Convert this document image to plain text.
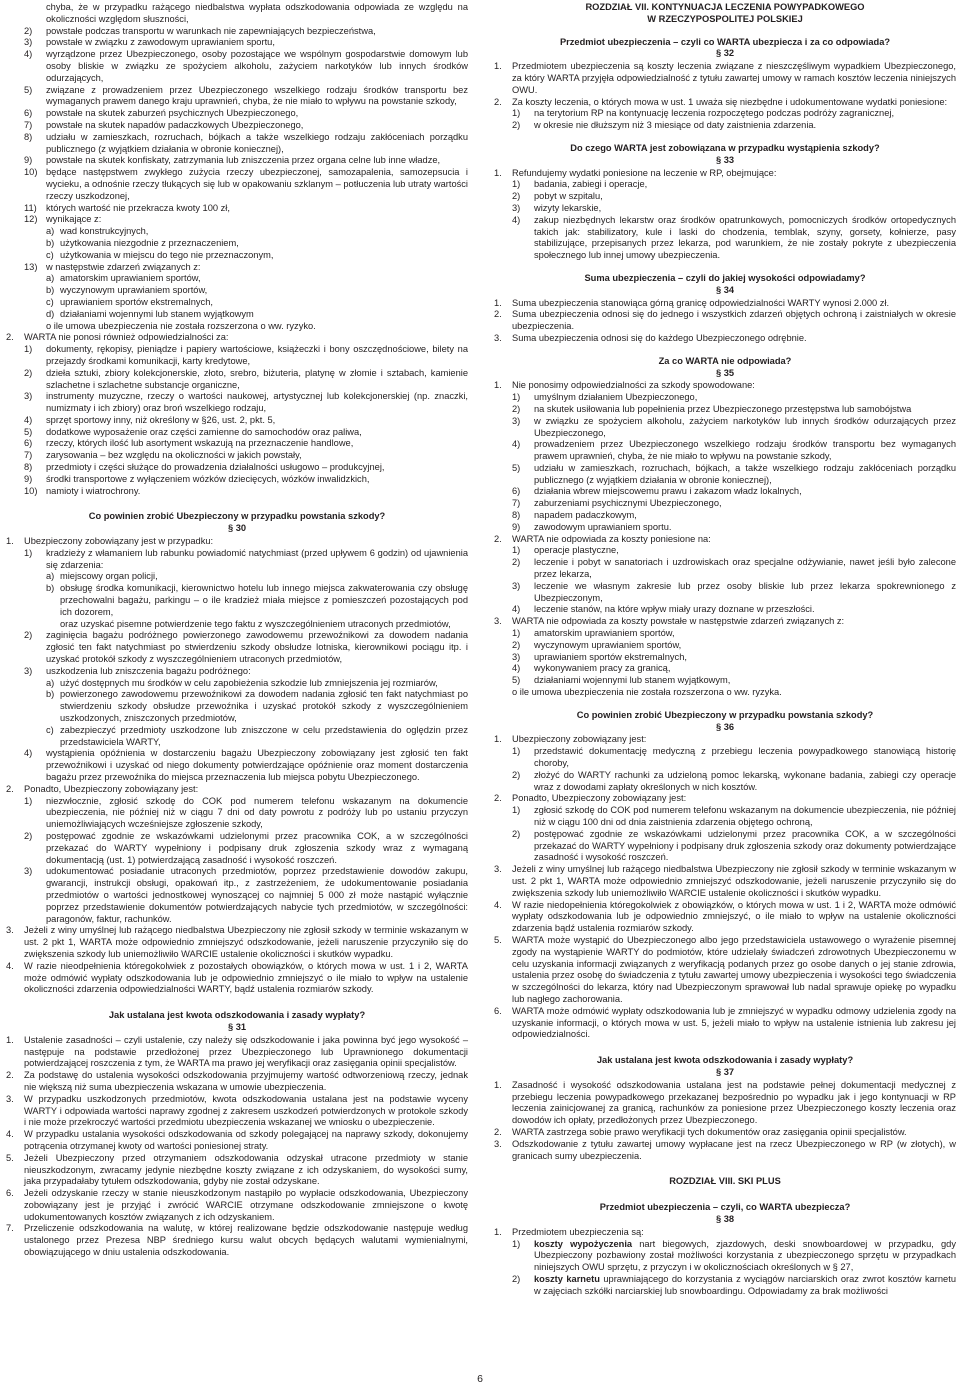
chyba, że w przypadku rażącego niedbalstwa wypłata odszkodowania odpowiada ze względu na okoliczności względom słuszności,
2) powstałe podczas transportu w warunkach nie zapewniających bezpieczeństwa,
3) powstałe w związku z zawodowym uprawianiem sportu,
4) wyrządzone przez Ubezpieczonego, osoby pozostające we wspólnym gospodarstwie domowym lub osoby bliskie w związku ze spożyciem alkoholu, zażyciem narkotyków lub innych środków odurzających,
5) związane z prowadzeniem przez Ubezpieczonego wszelkiego rodzaju środków transportu bez wymaganych prawem danego kraju uprawnień, chyba, że nie miało to wpływu na powstanie szkody,
6) powstałe na skutek zaburzeń psychicznych Ubezpieczonego,
7) powstałe na skutek napadów padaczkowych Ubezpieczonego,
8) udziału w zamieszkach, rozruchach, bójkach a także wszelkiego rodzaju zakłóceniach porządku publicznego (z wyjątkiem działania w obronie koniecznej),
9) powstałe na skutek konfiskaty, zatrzymania lub zniszczenia przez organa celne lub inne władze,
10) będące następstwem zwykłego zużycia rzeczy ubezpieczonej, samozapalenia, samozepsucia i wycieku, a odnośnie rzeczy tłukących się lub w opakowaniu szklanym – potłuczenia lub utraty wartości rzeczy uszkodzonej,
11) których wartość nie przekracza kwoty 100 zł,
12) wynikające z:
a) wad konstrukcyjnych,
b) użytkowania niezgodnie z przeznaczeniem,
c) użytkowania w miejscu do tego nie przeznaczonym,
13) w następstwie zdarzeń związanych z:
a) amatorskim uprawianiem sportów,
b) wyczynowym uprawianiem sportów,
c) uprawianiem sportów ekstremalnych,
d) działaniami wojennymi lub stanem wyjątkowym
o ile umowa ubezpieczenia nie została rozszerzona o ww. ryzyko.
2. WARTA nie ponosi również odpowiedzialności za:
1) dokumenty, rękopisy, pieniądze i papiery wartościowe, książeczki i bony oszczędnościowe, bilety na przejazdy środkami komunikacji, karty kredytowe,
2) dzieła sztuki, zbiory kolekcjonerskie, złoto, srebro, biżuteria, platynę w złomie i sztabach, kamienie szlachetne i szlachetne substancje organiczne,
3) instrumenty muzyczne, rzeczy o wartości naukowej, artystycznej lub kolekcjonerskiej (np. znaczki, numizmaty i ich zbiory) oraz broń wszelkiego rodzaju,
4) sprzęt sportowy inny, niż określony w §26, ust. 2, pkt. 5,
5) dodatkowe wyposażenie oraz części zamienne do samochodów oraz paliwa,
6) rzeczy, których ilość lub asortyment wskazują na przeznaczenie handlowe,
7) zarysowania – bez względu na okoliczności w jakich powstały,
8) przedmioty i części służące do prowadzenia działalności usługowo – produkcyjnej,
9) środki transportowe z wyłączeniem wózków dziecięcych, wózków inwalidzkich,
10) namioty i wiatrochrony.
Co powinien zrobić Ubezpieczony w przypadku powstania szkody?
§ 30
1. Ubezpieczony zobowiązany jest w przypadku:
1) kradzieży z włamaniem lub rabunku powiadomić natychmiast (przed upływem 6 godzin) od ujawnienia się zdarzenia:
a) miejscowy organ policji,
b) obsługę środka komunikacji, kierownictwo hotelu lub innego miejsca zakwaterowania czy obsługę przechowalni bagażu, parkingu – o ile kradzież miała miejsce z pomieszczeń pozostających pod ich dozorem,
oraz uzyskać pisemne potwierdzenie tego faktu z wyszczególnieniem utraconych przedmiotów,
2) zaginięcia bagażu podróżnego powierzonego zawodowemu przewoźnikowi za dowodem nadania zgłosić ten fakt natychmiast po stwierdzeniu szkody obsłudze lotniska, kierownikowi pociągu itp. i uzyskać protokół szkody z wyszczególnieniem utraconych przedmiotów,
3) uszkodzenia lub zniszczenia bagażu podróżnego:
a) użyć dostępnych mu środków w celu zapobieżenia szkodzie lub zmniejszenia jej rozmiarów,
b) powierzonego zawodowemu przewoźnikowi za dowodem nadania zgłosić ten fakt natychmiast po stwierdzeniu szkody obsłudze przewoźnika i uzyskać protokół szkody z wyszczególnieniem uszkodzonych, zniszczonych przedmiotów,
c) zabezpieczyć przedmioty uszkodzone lub zniszczone w celu przedstawienia do oględzin przez przedstawiciela WARTY,
4) wystąpienia opóźnienia w dostarczeniu bagażu Ubezpieczony zobowiązany jest zgłosić ten fakt przewoźnikowi i uzyskać od niego dokumenty potwierdzające opóźnienie oraz moment dostarczenia bagażu przez przewoźnika do miejsca przeznaczenia lub miejsca pobytu Ubezpieczonego.
2. Ponadto, Ubezpieczony zobowiązany jest:
1) niezwłocznie, zgłosić szkodę do COK pod numerem telefonu wskazanym na dokumencie ubezpieczenia, nie później niż w ciągu 7 dni od daty powrotu z podróży lub po ustaniu przyczyn uniemożliwiających wcześniejsze zgłoszenie szkody,
2) postępować zgodnie ze wskazówkami udzielonymi przez pracownika COK, a w szczególności przekazać do WARTY wypełniony i podpisany druk zgłoszenia szkody wraz z wymaganą dokumentacją (ust. 1) potwierdzającą zasadność i wysokość roszczeń.
3) udokumentować posiadanie utraconych przedmiotów, poprzez przedstawienie dowodów zakupu, gwarancji, instrukcji obsługi, opakowań itp., z zastrzeżeniem, że udokumentowanie posiadania przedmiotów o wartości jednostkowej wynoszącej co najmniej 5 000 zł może nastąpić wyłącznie poprzez przedstawienie dokumentów potwierdzających nabycie tych przedmiotów, w szczególności: paragonów, faktur, rachunków.
3. Jeżeli z winy umyślnej lub rażącego niedbalstwa Ubezpieczony nie zgłosił szkody w terminie wskazanym w ust. 2 pkt 1, WARTA może odpowiednio zmniejszyć odszkodowanie, jeżeli naruszenie przyczyniło się do zwiększenia szkody lub uniemożliwiło WARCIE ustalenie okoliczności i skutków wypadku.
4. W razie nieodpełnienia któregokolwiek z pozostałych obowiązków, o których mowa w ust. 1 i 2, WARTA może odmówić wypłaty odszkodowania lub je odpowiednio zmniejszyć o ile miało to wpływ na ustalenie okoliczności zdarzenia odpowiedzialności WARTY, bądź ustalenia rozmiarów szkody.
Jak ustalana jest kwota odszkodowania i zasady wypłaty?
§ 31
1. Ustalenie zasadności – czyli ustalenie, czy należy się odszkodowanie i jaka powinna być jego wysokość – następuje na podstawie przedłożonej przez Ubezpieczonego lub Uprawnionego dokumentacji potwierdzającej roszczenia z tym, że WARTA ma prawo jej weryfikacji oraz zasięgania opinii specjalistów.
2. Za podstawę do ustalenia wysokości odszkodowania przyjmujemy wartość odtworzeniową rzeczy, jednak nie większą niż suma ubezpieczenia wskazana w umowie ubezpieczenia.
3. W przypadku uszkodzonych przedmiotów, kwota odszkodowania ustalana jest na podstawie wyceny WARTY i odpowiada wartości naprawy zgodnej z zakresem uszkodzeń potwierdzonych w protokole szkody i nie może przekroczyć wartości przedmiotu ubezpieczenia wskazanej we wniosku o ubezpieczenie.
4. W przypadku ustalania wysokości odszkodowania od szkody polegającej na naprawy szkody, dokonujemy potrącenia otrzymanej kwoty od wartości poniesionej straty.
5. Jeżeli Ubezpieczony przed otrzymaniem odszkodowania odzyskał utracone przedmioty w stanie nieuszkodzonym, zwracamy jedynie niezbędne koszty związane z ich odzyskaniem, do wysokości sumy, jaka przypadałaby tytułem odszkodowania, gdyby nie został odzyskane.
6. Jeżeli odzyskanie rzeczy w stanie nieuszkodzonym nastąpiło po wypłacie odszkodowania, Ubezpieczony zobowiązany jest je przyjąć i zwrócić WARCIE otrzymane odszkodowanie zmniejszone o kwotę udokumentowanych kosztów związanych z ich odzyskaniem.
7. Przeliczenie odszkodowania na walutę, w której realizowane będzie odszkodowanie następuje według ustalonego przez Prezesa NBP średniego kursu walut obcych będących walutami wymienialnymi, obowiązującego w dniu ustalenia odszkodowania.
ROZDZIAŁ VII. KONTYNUACJA LECZENIA POWYPADKOWEGO
W RZECZYPOSPOLITEJ POLSKIEJ
Przedmiot ubezpieczenia – czyli co WARTA ubezpiecza i za co odpowiada?
§ 32
1. Przedmiotem ubezpieczenia są koszty leczenia związane z nieszczęśliwym wypadkiem Ubezpieczonego, za który WARTA przyjęła odpowiedzialność z tytułu zawartej umowy w ramach kosztów leczenia niniejszych OWU.
2. Za koszty leczenia, o których mowa w ust. 1 uważa się niezbędne i udokumentowane wydatki poniesione:
1) na terytorium RP na kontynuację leczenia rozpoczętego podczas podróży zagranicznej,
2) w okresie nie dłuższym niż 3 miesiące od daty zaistnienia zdarzenia.
Do czego WARTA jest zobowiązana w przypadku wystąpienia szkody?
§ 33
1. Refundujemy wydatki poniesione na leczenie w RP, obejmujące:
1) badania, zabiegi i operacje,
2) pobyt w szpitalu,
3) wizyty lekarskie,
4) zakup niezbędnych lekarstw oraz środków opatrunkowych, pomocniczych środków ortopedycznych takich jak: stabilizatory, kule i laski do chodzenia, temblak, szyny, gorsety, kołnierze, pasy stabilizujące, przepisanych przez lekarza, pod warunkiem, że nie zostały pokryte z ubezpieczenia społecznego lub innej umowy ubezpieczenia.
Suma ubezpieczenia – czyli do jakiej wysokości odpowiadamy?
§ 34
1. Suma ubezpieczenia stanowiąca górną granicę odpowiedzialności WARTY wynosi 2.000 zł.
2. Suma ubezpieczenia odnosi się do jednego i wszystkich zdarzeń objętych ochroną i zaistniałych w okresie ubezpieczenia.
3. Suma ubezpieczenia odnosi się do każdego Ubezpieczonego odrębnie.
Za co WARTA nie odpowiada?
§ 35
1. Nie ponosimy odpowiedzialności za szkody spowodowane:
1) umyślnym działaniem Ubezpieczonego,
2) na skutek usiłowania lub popełnienia przez Ubezpieczonego przestępstwa lub samobójstwa
3) w związku ze spożyciem alkoholu, zażyciem narkotyków lub innych środków odurzających przez Ubezpieczonego,
4) prowadzeniem przez Ubezpieczonego wszelkiego rodzaju środków transportu bez wymaganych prawem uprawnień, chyba, że nie miało to wpływu na powstanie szkody,
5) udziału w zamieszkach, rozruchach, bójkach, a także wszelkiego rodzaju zakłóceniach porządku publicznego (z wyjątkiem działania w obronie koniecznej),
6) działania wbrew miejscowemu prawu i zakazom władz lokalnych,
7) zaburzeniami psychicznymi Ubezpieczonego,
8) napadem padaczkowym,
9) zawodowym uprawianiem sportu.
2. WARTA nie odpowiada za koszty poniesione na:
1) operacje plastyczne,
2) leczenie i pobyt w sanatoriach i uzdrowiskach oraz specjalne odżywianie, nawet jeśli było zalecone przez lekarza,
3) leczenie we własnym zakresie lub przez osoby bliskie lub przez lekarza spokrewnionego z Ubezpieczonym,
4) leczenie stanów, na które wpływ miały urazy doznane w przeszłości.
3. WARTA nie odpowiada za koszty powstałe w następstwie zdarzeń związanych z:
1) amatorskim uprawianiem sportów,
2) wyczynowym uprawianiem sportów,
3) uprawianiem sportów ekstremalnych,
4) wykonywaniem pracy za granicą,
5) działaniami wojennymi lub stanem wyjątkowym,
o ile umowa ubezpieczenia nie została rozszerzona o ww. ryzyka.
Co powinien zrobić Ubezpieczony w przypadku powstania szkody?
§ 36
1. Ubezpieczony zobowiązany jest:
1) przedstawić dokumentację medyczną z przebiegu leczenia powypadkowego stanowiącą historię choroby,
2) złożyć do WARTY rachunki za udzieloną pomoc lekarską, wykonane badania, zabiegi czy operacje wraz z dowodami zapłaty określonych w nich kosztów.
2. Ponadto, Ubezpieczony zobowiązany jest:
1) zgłosić szkodę do COK pod numerem telefonu wskazanym na dokumencie ubezpieczenia, nie później niż w ciągu 100 dni od dnia zaistnienia zdarzenia objętego ochroną,
2) postępować zgodnie ze wskazówkami udzielonymi przez pracownika COK, a w szczególności przekazać do WARTY wypełniony i podpisany druk zgłoszenia szkody oraz dokumenty potwierdzające zasadność i wysokość roszczeń.
3. Jeżeli z winy umyślnej lub rażącego niedbalstwa Ubezpieczony nie zgłosił szkody w terminie wskazanym w ust. 2 pkt 1, WARTA może odpowiednio zmniejszyć odszkodowanie, jeżeli naruszenie przyczyniło się do zwiększenia szkody lub uniemożliwiło WARCIE ustalenie okoliczności i skutków wypadku.
4. W razie niedopełnienia któregokolwiek z obowiązków, o których mowa w ust. 1 i 2, WARTA może odmówić wypłaty odszkodowania lub je odpowiednio zmniejszyć, o ile miało to wpływ na ustalenie okoliczności zdarzenia bądź ustalenia rozmiarów szkody.
5. WARTA może wystąpić do Ubezpieczonego albo jego przedstawiciela ustawowego o wyrażenie pisemnej zgody na wystąpienie WARTY do podmiotów, które udzielały świadczeń zdrowotnych Ubezpieczonemu w celu uzyskania informacji związanych z weryfikacją podanych przez go osobe danych o jej stanie zdrowia, ustalenia przez osobę do świadczenia z tytułu zawartej umowy ubezpieczenia i wysokości tego świadczenia w szczególności do lekarza, który nad Ubezpieczonym sprawował lub nadal sprawuje opiekę po wypadku lub nagłego zachorowania.
6. WARTA może odmówić wypłaty odszkodowania lub je zmniejszyć w wypadku odmowy udzielenia zgody na uzyskanie informacji, o których mowa w ust. 5, jeżeli miało to wpływ na ustalenie istnienia lub zakresu jej odpowiedzialności.
Jak ustalana jest kwota odszkodowania i zasady wypłaty?
§ 37
1. Zasadność i wysokość odszkodowania ustalana jest na podstawie pełnej dokumentacji medycznej z przebiegu leczenia powypadkowego przekazanej bezpośrednio po wypadku jak i jego kontynuacji w RP leczenia zainicjowanej za granicą, rachunków za poniesione przez Ubezpieczonego koszty leczenia oraz dowodów ich opłaty, przedłożonych przez Ubezpieczonego.
2. WARTA zastrzega sobie prawo weryfikacji tych dokumentów oraz zasięgania opinii specjalistów.
3. Odszkodowanie z tytułu zawartej umowy wypłacane jest na rzecz Ubezpieczonego w RP (w złotych), w granicach sumy ubezpieczenia.
ROZDZIAŁ VIII. SKI PLUS
Przedmiot ubezpieczenia – czyli, co WARTA ubezpiecza?
§ 38
1. Przedmiotem ubezpieczenia są:
1) koszty wypożyczenia nart biegowych, zjazdowych, deski snowboardowej w przypadku, gdy Ubezpieczony pozbawiony został możliwości korzystania z ubezpieczonego sprzętu w przypadkach niniejszych OWU sprzętu, z przyczyn i w okolicznościach określonych w § 27,
2) koszty karnetu uprawniającego do korzystania z wyciągów narciarskich oraz zwrot kosztów karnetu w zajęciach szkółki narciarskiej lub snowboardingu. Odpowiadamy za brak możliwości
6
